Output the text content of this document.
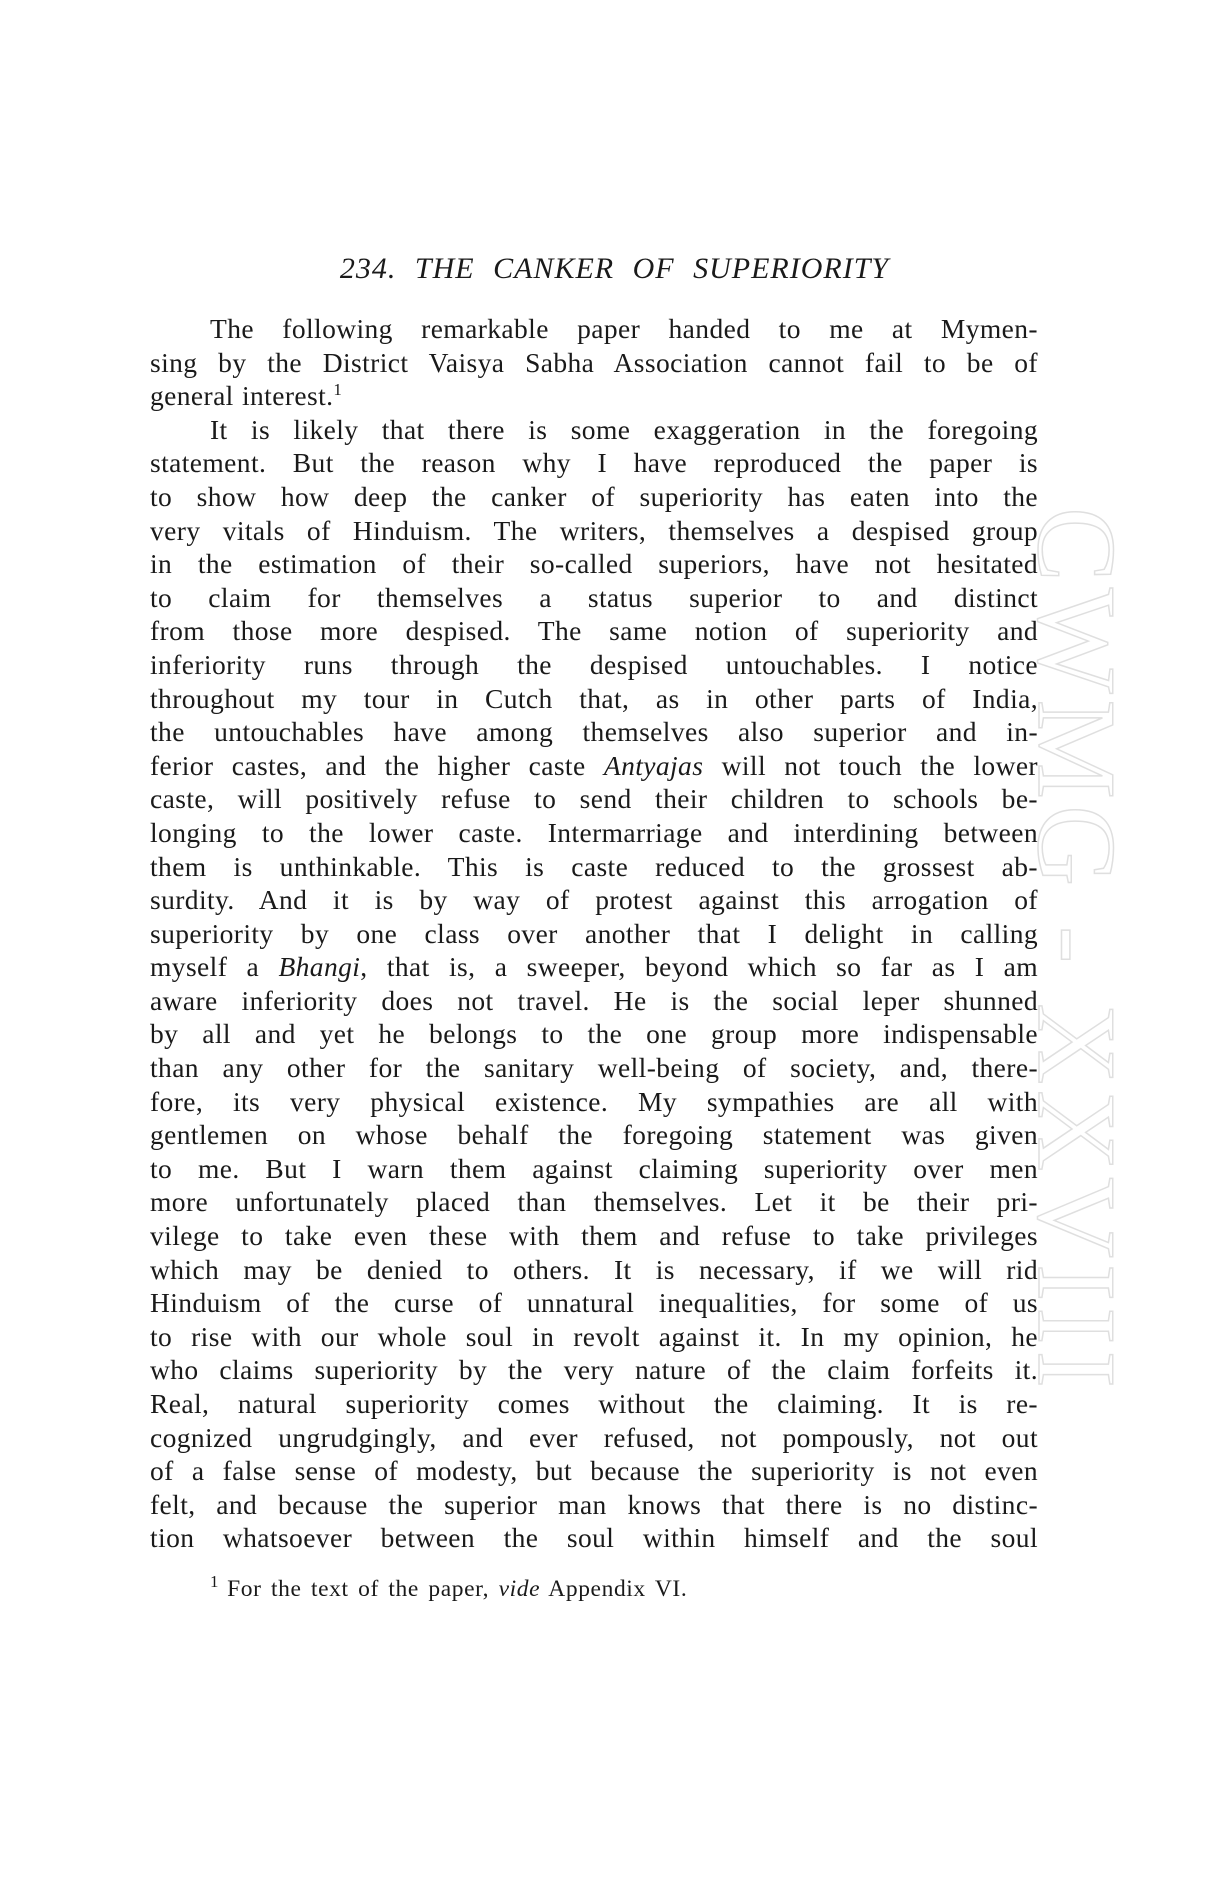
CWMG - XXVIII
234. THE CANKER OF SUPERIORITY

The following remarkable paper handed to me at Mymen-
sing by the District Vaisya Sabha Association cannot fail to be of
general interest.$^1$

It is likely that there is some exaggeration in the foregoing
statement. But the reason why I have reproduced the paper is
to show how deep the canker of superiority has eaten into the
very vitals of Hinduism. The writers, themselves a despised group
in the estimation of their so-called superiors, have not hesitated
to claim for themselves a status superior to and distinct
from those more despised. The same notion of superiority and
inferiority runs through the despised untouchables. I notice
throughout my tour in Cutch that, as in other parts of India,
the untouchables have among themselves also superior and in-
ferior castes, and the higher caste Antyajas will not touch the lower
caste, will positively refuse to send their children to schools be-
longing to the lower caste. Intermarriage and interdining between
them is unthinkable. This is caste reduced to the grossest ab-
surdity. And it is by way of protest against this arrogation of
superiority by one class over another that I delight in calling
myself a Bhangi, that is, a sweeper, beyond which so far as I am
aware inferiority does not travel. He is the social leper shunned
by all and yet he belongs to the one group more indispensable
than any other for the sanitary well-being of society, and, there-
fore, its very physical existence. My sympathies are all with
gentlemen on whose behalf the foregoing statement was given
to me. But I warn them against claiming superiority over men
more unfortunately placed than themselves. Let it be their pri-
vilege to take even these with them and refuse to take privileges
which may be denied to others. It is necessary, if we will rid
Hinduism of the curse of unnatural inequalities, for some of us
to rise with our whole soul in revolt against it. In my opinion, he
who claims superiority by the very nature of the claim forfeits it.
Real, natural superiority comes without the claiming. It is re-
cognized ungrudgingly, and ever refused, not pompously, not out
of a false sense of modesty, but because the superiority is not even
felt, and because the superior man knows that there is no distinc-
tion whatsoever between the soul within himself and the soul

$^1$ For the text of the paper, vide Appendix VI.
